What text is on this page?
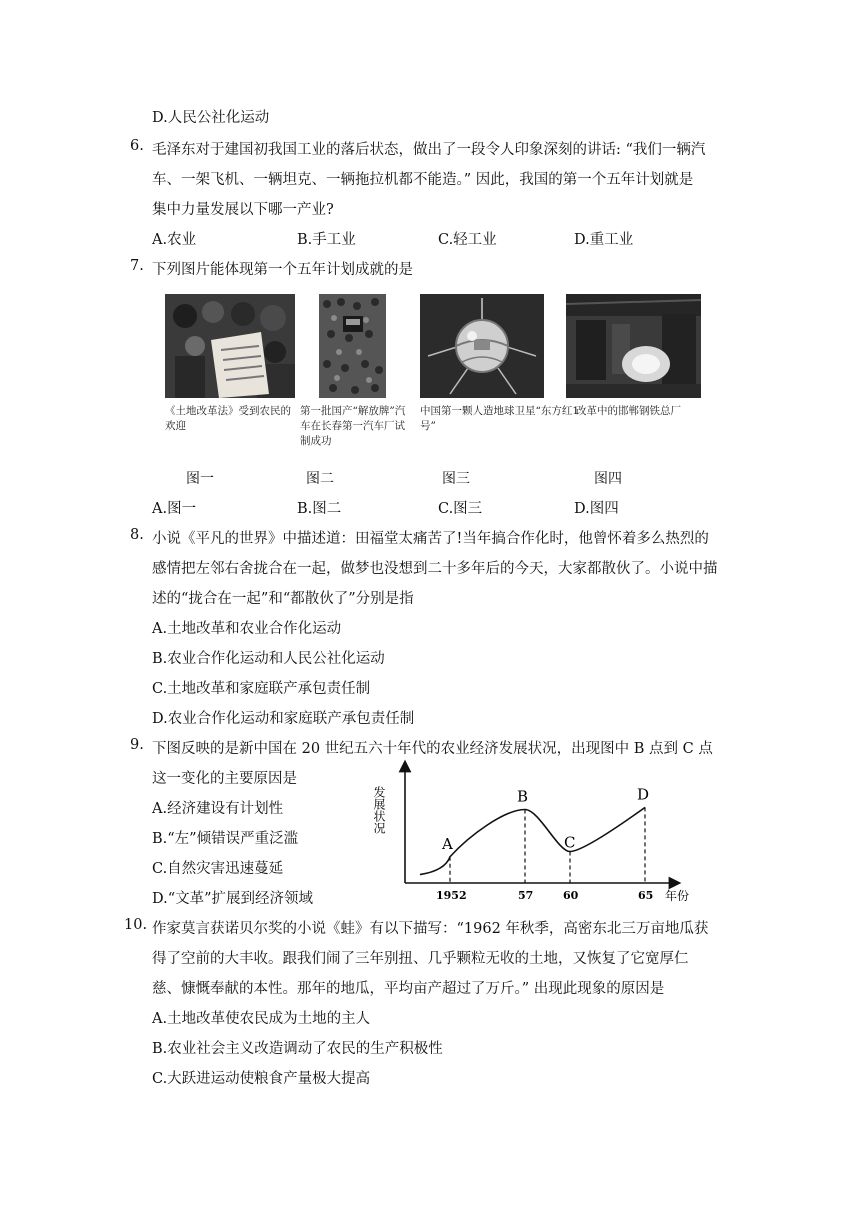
D.人民公社化运动
6. 毛泽东对于建国初我国工业的落后状态，做出了一段令人印象深刻的讲话: “我们一辆汽
车、一架飞机、一辆坦克、一辆拖拉机都不能造。” 因此，我国的第一个五年计划就是
集中力量发展以下哪一产业?
A.农业	B.手工业	C.轻工业	D.重工业
7. 下列图片能体现第一个五年计划成就的是
《土地改革法》受到农民的欢迎
图一
第一批国产“解放牌”汽车在长春第一汽车厂试制成功
图二
中国第一颗人造地球卫星“东方红1号”
图三
改革中的邯郸钢铁总厂
图四
A.图一	B.图二	C.图三	D.图四
8. 小说《平凡的世界》中描述道：田福堂太痛苦了!当年搞合作化时，他曾怀着多么热烈的
感情把左邻右舍拢合在一起，做梦也没想到二十多年后的今天，大家都散伙了。小说中描
述的“拢合在一起”和“都散伙了”分别是指
A.土地改革和农业合作化运动
B.农业合作化运动和人民公社化运动
C.土地改革和家庭联产承包责任制
D.农业合作化运动和家庭联产承包责任制
9. 下图反映的是新中国在 20 世纪五六十年代的农业经济发展状况，出现图中 B 点到 C 点
这一变化的主要原因是
A.经济建设有计划性
B.“左”倾错误严重泛滥
C.自然灾害迅速蔓延
D.“文革”扩展到经济领域
发展状况
年份
A
1952
B
57
C
60
D
65
10. 作家莫言获诺贝尔奖的小说《蛙》有以下描写：“1962 年秋季，高密东北三万亩地瓜获
得了空前的大丰收。跟我们闹了三年别扭、几乎颗粒无收的土地，又恢复了它宽厚仁
慈、慷慨奉献的本性。那年的地瓜，平均亩产超过了万斤。” 出现此现象的原因是
A.土地改革使农民成为土地的主人
B.农业社会主义改造调动了农民的生产积极性
C.大跃进运动使粮食产量极大提高
